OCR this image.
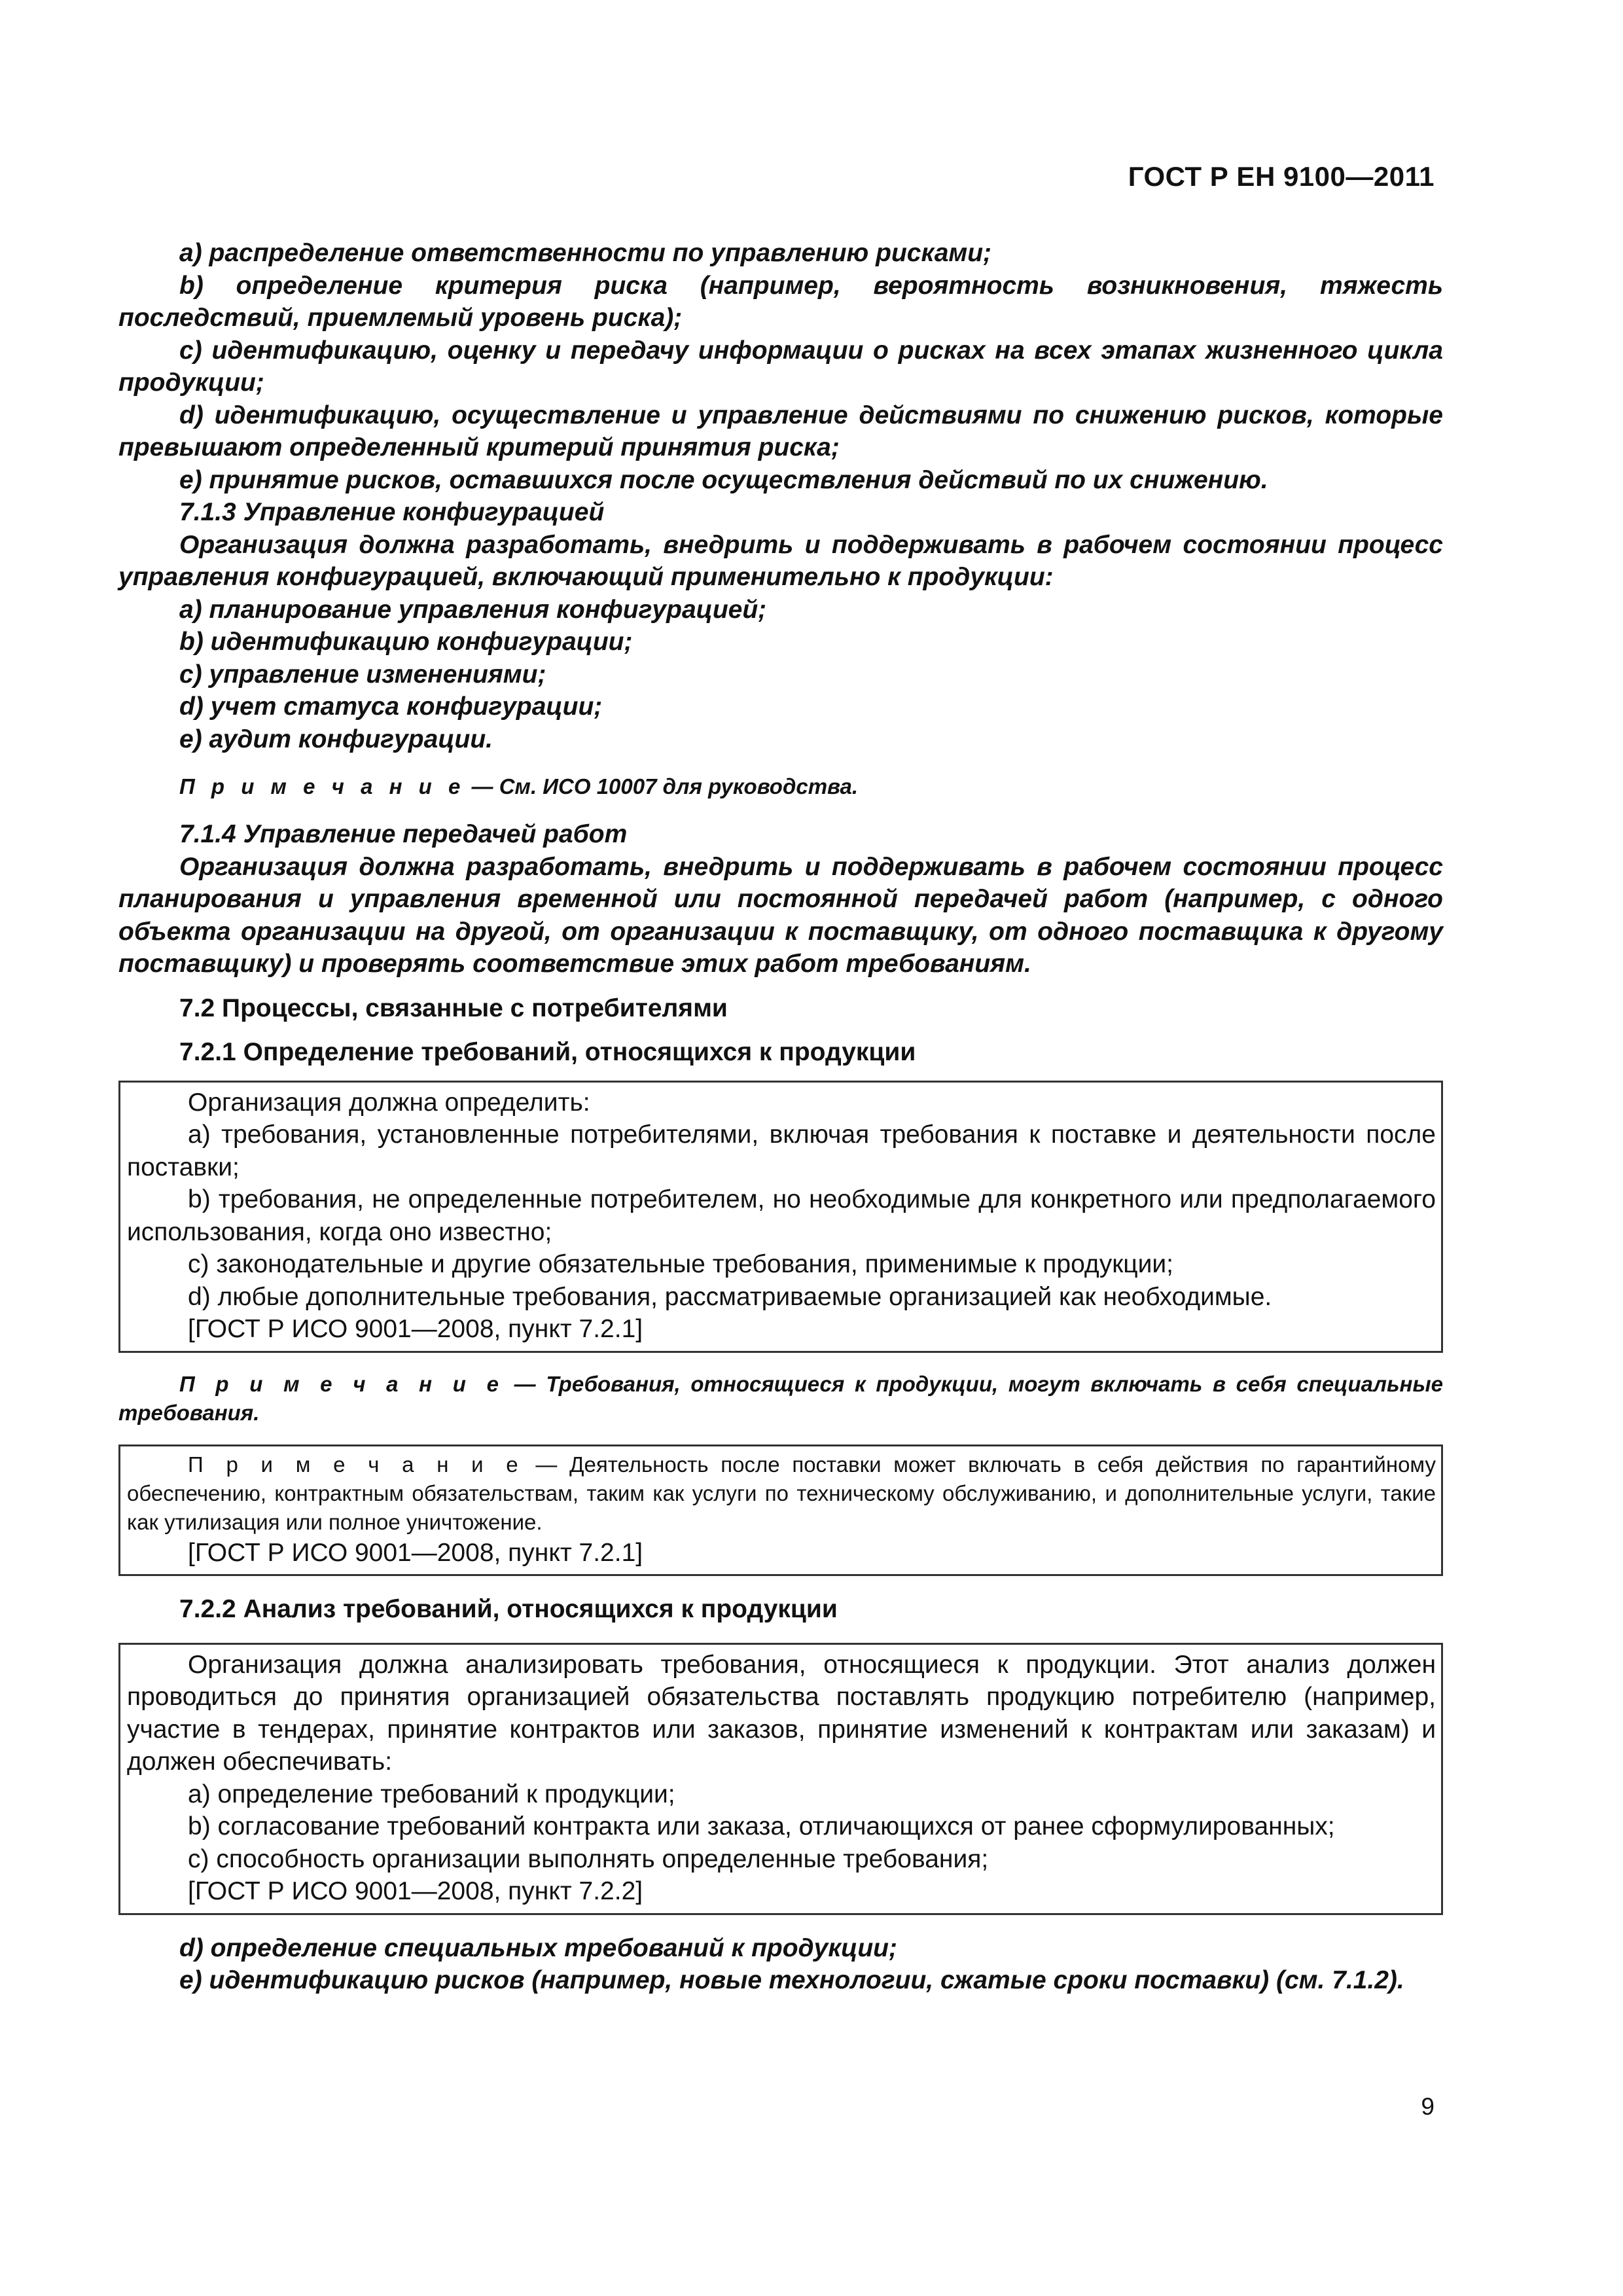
ГОСТ Р ЕН 9100—2011

a) распределение ответственности по управлению рисками;

b) определение критерия риска (например, вероятность возникновения, тяжесть последствий, приемлемый уровень риска);

c) идентификацию, оценку и передачу информации о рисках на всех этапах жизненного цикла продукции;

d) идентификацию, осуществление и управление действиями по снижению рисков, которые превышают определенный критерий принятия риска;

e) принятие рисков, оставшихся после осуществления действий по их снижению.

7.1.3 Управление конфигурацией

Организация должна разработать, внедрить и поддерживать в рабочем состоянии процесс управления конфигурацией, включающий применительно к продукции:

a) планирование управления конфигурацией;

b) идентификацию конфигурации;

c) управление изменениями;

d) учет статуса конфигурации;

e) аудит конфигурации.

П р и м е ч а н и е — См. ИСО 10007 для руководства.

7.1.4 Управление передачей работ

Организация должна разработать, внедрить и поддерживать в рабочем состоянии процесс планирования и управления временной или постоянной передачей работ (например, с одного объекта организации на другой, от организации к поставщику, от одного поставщика к другому поставщику) и проверять соответствие этих работ требованиям.

7.2 Процессы, связанные с потребителями

7.2.1 Определение требований, относящихся к продукции

Организация должна определить:

a) требования, установленные потребителями, включая требования к поставке и деятельности после поставки;

b) требования, не определенные потребителем, но необходимые для конкретного или предполагаемого использования, когда оно известно;

c) законодательные и другие обязательные требования, применимые к продукции;

d) любые дополнительные требования, рассматриваемые организацией как необходимые.

[ГОСТ Р ИСО 9001—2008, пункт 7.2.1]

П р и м е ч а н и е — Требования, относящиеся к продукции, могут включать в себя специальные требования.

П р и м е ч а н и е — Деятельность после поставки может включать в себя действия по гарантийному обеспечению, контрактным обязательствам, таким как услуги по техническому обслуживанию, и дополнительные услуги, такие как утилизация или полное уничтожение.

[ГОСТ Р ИСО 9001—2008, пункт 7.2.1]

7.2.2 Анализ требований, относящихся к продукции

Организация должна анализировать требования, относящиеся к продукции. Этот анализ должен проводиться до принятия организацией обязательства поставлять продукцию потребителю (например, участие в тендерах, принятие контрактов или заказов, принятие изменений к контрактам или заказам) и должен обеспечивать:

a) определение требований к продукции;

b) согласование требований контракта или заказа, отличающихся от ранее сформулированных;

c) способность организации выполнять определенные требования;

[ГОСТ Р ИСО 9001—2008, пункт 7.2.2]

d) определение специальных требований к продукции;

e) идентификацию рисков (например, новые технологии, сжатые сроки поставки) (см. 7.1.2).

9
